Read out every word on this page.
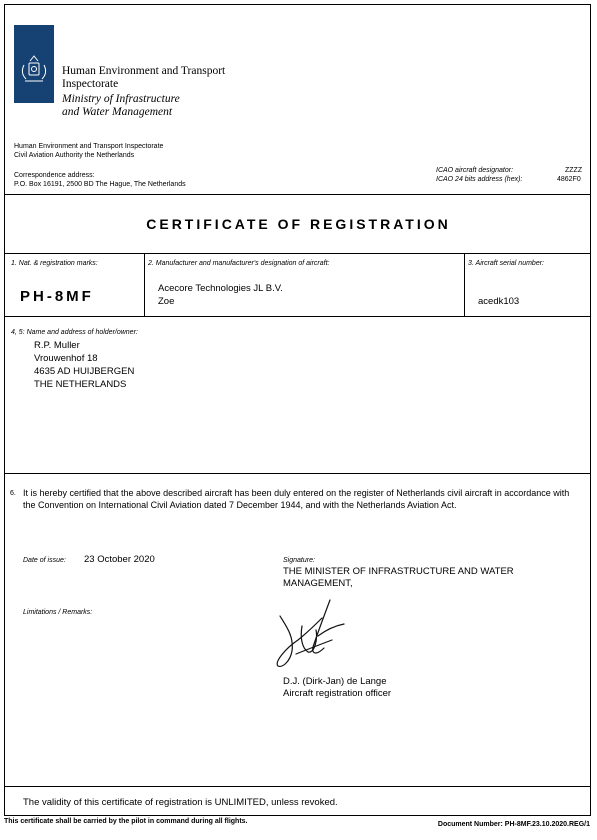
Human Environment and Transport
Inspectorate
Ministry of Infrastructure
and Water Management
Human Environment and Transport Inspectorate
Civil Aviation Authority the Netherlands
Correspondence address:
P.O. Box 16191, 2500 BD The Hague, The Netherlands
ICAO aircraft designator:	ZZZZ
ICAO 24 bits address (hex):	4862F0
CERTIFICATE OF REGISTRATION
1. Nat. & registration marks:
PH-8MF
2. Manufacturer and manufacturer's designation of aircraft:
Acecore Technologies JL B.V.
Zoe
3. Aircraft serial number:
acedk103
4, 5: Name and address of holder/owner:
R.P. Muller
Vrouwenhof 18
4635 AD HUIJBERGEN
THE NETHERLANDS
6. It is hereby certified that the above described aircraft has been duly entered on the register of Netherlands civil aircraft in accordance with the Convention on International Civil Aviation dated 7 December 1944, and with the Netherlands Aviation Act.
Date of issue: 23 October 2020	Signature:
THE MINISTER OF INFRASTRUCTURE AND WATER
MANAGEMENT,
Limitations / Remarks:
D.J. (Dirk-Jan) de Lange
Aircraft registration officer
The validity of this certificate of registration is UNLIMITED, unless revoked.
This certificate shall be carried by the pilot in command during all flights.	Document Number: PH-8MF.23.10.2020.REG/1
